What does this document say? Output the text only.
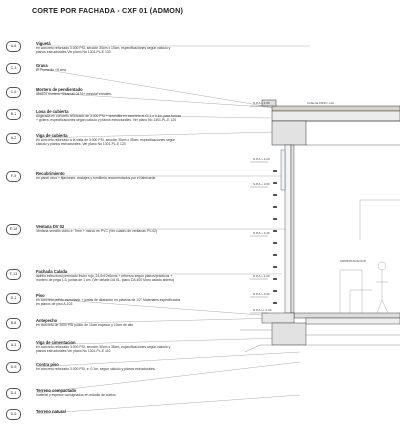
CORTE POR FACHADA - CXF 01 (ADMON)
Cubierta FRSO +4m
ADMINISTRACION
N.P.A + 4.80
N.P.A + 4.20
N.P.A + 3.60
N.P.A + 2.40
N.P.A + 1.20
N.P.A + 0.60
N.P.A +/- 0.00
A-6	Viguetá
en concreto reforzado 3.000 PSI, sección 30cm x 10cm, especificaciones según cálculo y planos estructurales.Ver plano No 1301-PL-E 130
C-3	Grava
Ø Promedio +5 cms.
C-5	Mortero de pendientado
dba101 mortero+Sikamall 0474+ mezcla+ermales.
B-1	Losa de cubierta
Aligerada en concreto reforzado de 3.000 PSI + bovédilla en concreto el.Ci 1 x 0.1m para formar + gotera. especificaciones según cálculo y planos estructurales. Ver plano No 1301-PL-E 120
A-2	Viga de cubierta
en concreto reforzado a la vista de 3.000 PSI, sección 30cm x 35cm, especificaciones según cálculo y planos estructurales. Ver plano No 1301-PL-E 120
F-5	Recubrimiento
en panel ceco + fijaciones, anclajes y tornilleria recomendados por el fabricante
E-18	Ventana DV 02
Ventana sencillo vidrio e: 7mm + marco en PVC (Ver cuadro de ventanas PV-02)
F-13	Fachada Calada
ladrillo estructural prensado Ihuiro rojo, 24,5x12x6cms + refuerzo según planos/prácticos + mortero de pega 1:3, juntas de 1 cm. (Ver detalle DA 01- plano DA 400 Muro calado abierto)
D-1	Piso
en concreto pulido esmaltado + juntas de dilatación en plástina de 1/2" Materiales especificados en planos de piso A-102.
B-8	Antepecho
en concreto de 3000 PSI pulido de 10cm espesor y 10cm de alto
A-3	Viga de cimentacion
en concreto reforzado 3.000 PSI, sección 30cm x 35cm, especificaciones según cálculo y planos estructurales.Ver plano No 1301-PL-E 110.
D-5	Contra piso
en concreto reforzado 3.000 PSI, e: 0.1m, según cálculo y planos estructurales.
D-4	Terreno compactado
material y espesor consignados en estudio de suelos
D-6	Terreno natural
